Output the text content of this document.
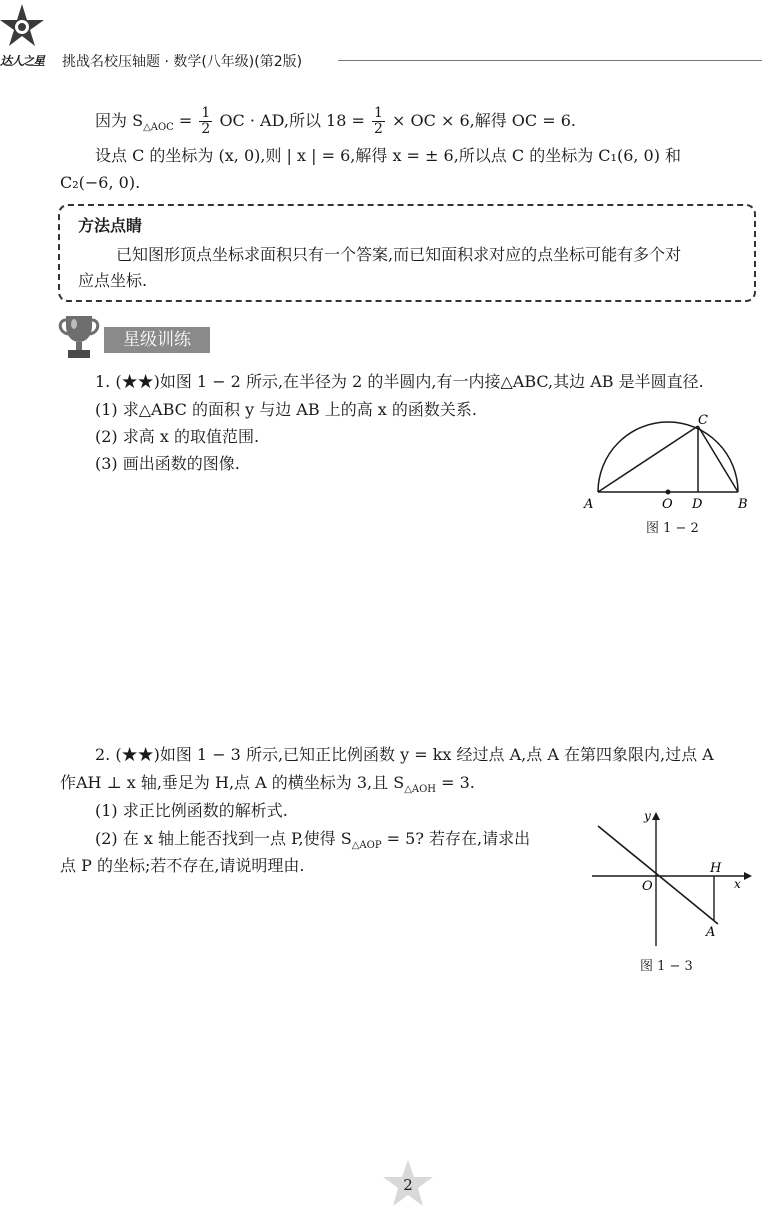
达人之星 挑战名校压轴题 · 数学(八年级)(第2版)
因为 $S_{\triangle AOC} = \frac{1}{2}$ OC · AD,所以 $18 = \frac{1}{2}$ × OC × 6,解得 OC = 6.
设点 C 的坐标为 (x, 0),则 | x | = 6,解得 x = ± 6,所以点 C 的坐标为 C₁(6, 0) 和
C₂(−6, 0).
方法点睛
已知图形顶点坐标求面积只有一个答案,而已知面积求对应的点坐标可能有多个对
应点坐标.
星级训练
1. (★★)如图 1 − 2 所示,在半径为 2 的半圆内,有一内接△ABC,其边 AB 是半圆直径.
(1) 求△ABC 的面积 y 与边 AB 上的高 x 的函数关系.
(2) 求高 x 的取值范围.
(3) 画出函数的图像.
A	O D	B
C
图 1 − 2
2. (★★)如图 1 − 3 所示,已知正比例函数 y = kx 经过点 A,点 A 在第四象限内,过点 A
作AH ⊥ x 轴,垂足为 H,点 A 的横坐标为 3,且 $S_{\triangle AOH} = 3$.
(1) 求正比例函数的解析式.
(2) 在 x 轴上能否找到一点 P,使得 $S_{\triangle AOP} = 5$? 若存在,请求出
点 P 的坐标;若不存在,请说明理由.
y
x
O
H
A
图 1 − 3
2
